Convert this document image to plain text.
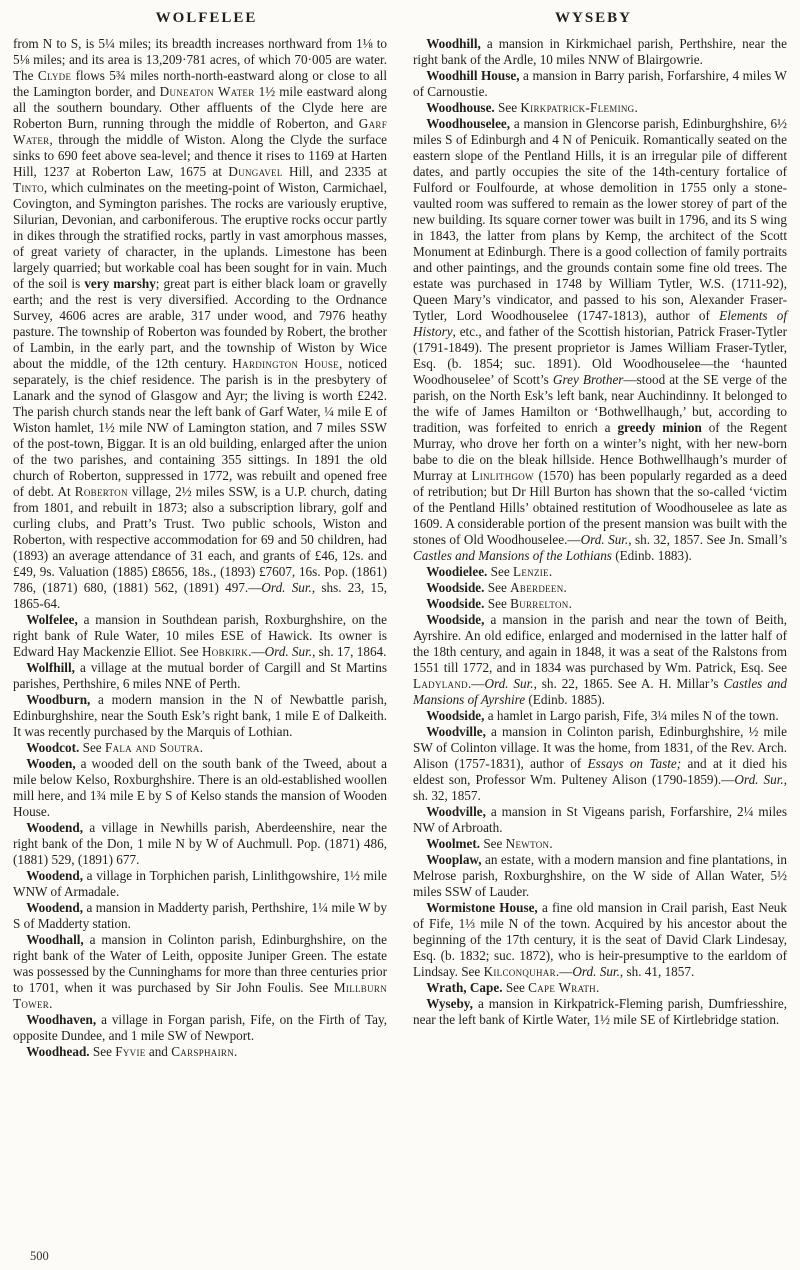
WOLFELEE	WYSEBY

from N to S, is 5¼ miles; its breadth increases northward from 1⅛ to 5⅛ miles; and its area is 13,209·781 acres, of which 70·005 are water. The Clyde flows 5¾ miles north-north-eastward along or close to all the Lamington border, and Duneaton Water 1½ mile eastward along all the southern boundary. Other affluents of the Clyde here are Roberton Burn, running through the middle of Roberton, and Garf Water, through the middle of Wiston. Along the Clyde the surface sinks to 690 feet above sea-level; and thence it rises to 1169 at Harten Hill, 1237 at Roberton Law, 1675 at Dungavel Hill, and 2335 at Tinto, which culminates on the meeting-point of Wiston, Carmichael, Covington, and Symington parishes. The rocks are variously eruptive, Silurian, Devonian, and carboniferous. The eruptive rocks occur partly in dikes through the stratified rocks, partly in vast amorphous masses, of great variety of character, in the uplands. Limestone has been largely quarried; but workable coal has been sought for in vain. Much of the soil is very marshy; great part is either black loam or gravelly earth; and the rest is very diversified. According to the Ordnance Survey, 4606 acres are arable, 317 under wood, and 7976 heathy pasture. The township of Roberton was founded by Robert, the brother of Lambin, in the early part, and the township of Wiston by Wice about the middle, of the 12th century. Hardington House, noticed separately, is the chief residence. The parish is in the presbytery of Lanark and the synod of Glasgow and Ayr; the living is worth £242. The parish church stands near the left bank of Garf Water, ¼ mile E of Wiston hamlet, 1½ mile NW of Lamington station, and 7 miles SSW of the post-town, Biggar. It is an old building, enlarged after the union of the two parishes, and containing 355 sittings. In 1891 the old church of Roberton, suppressed in 1772, was rebuilt and opened free of debt. At Roberton village, 2½ miles SSW, is a U.P. church, dating from 1801, and rebuilt in 1873; also a subscription library, golf and curling clubs, and Pratt’s Trust. Two public schools, Wiston and Roberton, with respective accommodation for 69 and 50 children, had (1893) an average attendance of 31 each, and grants of £46, 12s. and £49, 9s. Valuation (1885) £8656, 18s., (1893) £7607, 16s. Pop. (1861) 786, (1871) 680, (1881) 562, (1891) 497.—Ord. Sur., shs. 23, 15, 1865-64.

Wolfelee, a mansion in Southdean parish, Roxburghshire, on the right bank of Rule Water, 10 miles ESE of Hawick. Its owner is Edward Hay Mackenzie Elliot. See Hobkirk.—Ord. Sur., sh. 17, 1864.

Wolfhill, a village at the mutual border of Cargill and St Martins parishes, Perthshire, 6 miles NNE of Perth.

Woodburn, a modern mansion in the N of Newbattle parish, Edinburghshire, near the South Esk’s right bank, 1 mile E of Dalkeith. It was recently purchased by the Marquis of Lothian.

Woodcot. See Fala and Soutra.

Wooden, a wooded dell on the south bank of the Tweed, about a mile below Kelso, Roxburghshire. There is an old-established woollen mill here, and 1¾ mile E by S of Kelso stands the mansion of Wooden House.

Woodend, a village in Newhills parish, Aberdeenshire, near the right bank of the Don, 1 mile N by W of Auchmull. Pop. (1871) 486, (1881) 529, (1891) 677.

Woodend, a village in Torphichen parish, Linlithgowshire, 1½ mile WNW of Armadale.

Woodend, a mansion in Madderty parish, Perthshire, 1¼ mile W by S of Madderty station.

Woodhall, a mansion in Colinton parish, Edinburghshire, on the right bank of the Water of Leith, opposite Juniper Green. The estate was possessed by the Cunninghams for more than three centuries prior to 1701, when it was purchased by Sir John Foulis. See Millburn Tower.

Woodhaven, a village in Forgan parish, Fife, on the Firth of Tay, opposite Dundee, and 1 mile SW of Newport.

Woodhead. See Fyvie and Carsphairn.

Woodhill, a mansion in Kirkmichael parish, Perthshire, near the right bank of the Ardle, 10 miles NNW of Blairgowrie.

Woodhill House, a mansion in Barry parish, Forfarshire, 4 miles W of Carnoustie.

Woodhouse. See Kirkpatrick-Fleming.

Woodhouselee, a mansion in Glencorse parish, Edinburghshire, 6½ miles S of Edinburgh and 4 N of Penicuik. Romantically seated on the eastern slope of the Pentland Hills, it is an irregular pile of different dates, and partly occupies the site of the 14th-century fortalice of Fulford or Foulfourde, at whose demolition in 1755 only a stone-vaulted room was suffered to remain as the lower storey of part of the new building. Its square corner tower was built in 1796, and its S wing in 1843, the latter from plans by Kemp, the architect of the Scott Monument at Edinburgh. There is a good collection of family portraits and other paintings, and the grounds contain some fine old trees. The estate was purchased in 1748 by William Tytler, W.S. (1711-92), Queen Mary’s vindicator, and passed to his son, Alexander Fraser-Tytler, Lord Woodhouselee (1747-1813), author of Elements of History, etc., and father of the Scottish historian, Patrick Fraser-Tytler (1791-1849). The present proprietor is James William Fraser-Tytler, Esq. (b. 1854; suc. 1891). Old Woodhouselee—the ‘haunted Woodhouselee’ of Scott’s Grey Brother—stood at the SE verge of the parish, on the North Esk’s left bank, near Auchindinny. It belonged to the wife of James Hamilton or ‘Bothwellhaugh,’ but, according to tradition, was forfeited to enrich a greedy minion of the Regent Murray, who drove her forth on a winter’s night, with her new-born babe to die on the bleak hillside. Hence Bothwellhaugh’s murder of Murray at Linlithgow (1570) has been popularly regarded as a deed of retribution; but Dr Hill Burton has shown that the so-called ‘victim of the Pentland Hills’ obtained restitution of Woodhouselee as late as 1609. A considerable portion of the present mansion was built with the stones of Old Woodhouselee.—Ord. Sur., sh. 32, 1857. See Jn. Small’s Castles and Mansions of the Lothians (Edinb. 1883).

Woodielee. See Lenzie.

Woodside. See Aberdeen.

Woodside. See Burrelton.

Woodside, a mansion in the parish and near the town of Beith, Ayrshire. An old edifice, enlarged and modernised in the latter half of the 18th century, and again in 1848, it was a seat of the Ralstons from 1551 till 1772, and in 1834 was purchased by Wm. Patrick, Esq. See Ladyland.—Ord. Sur., sh. 22, 1865. See A. H. Millar’s Castles and Mansions of Ayrshire (Edinb. 1885).

Woodside, a hamlet in Largo parish, Fife, 3¼ miles N of the town.

Woodville, a mansion in Colinton parish, Edinburghshire, ½ mile SW of Colinton village. It was the home, from 1831, of the Rev. Arch. Alison (1757-1831), author of Essays on Taste; and at it died his eldest son, Professor Wm. Pulteney Alison (1790-1859).—Ord. Sur., sh. 32, 1857.

Woodville, a mansion in St Vigeans parish, Forfarshire, 2¼ miles NW of Arbroath.

Woolmet. See Newton.

Wooplaw, an estate, with a modern mansion and fine plantations, in Melrose parish, Roxburghshire, on the W side of Allan Water, 5½ miles SSW of Lauder.

Wormistone House, a fine old mansion in Crail parish, East Neuk of Fife, 1⅓ mile N of the town. Acquired by his ancestor about the beginning of the 17th century, it is the seat of David Clark Lindesay, Esq. (b. 1832; suc. 1872), who is heir-presumptive to the earldom of Lindsay. See Kilconquhar.—Ord. Sur., sh. 41, 1857.

Wrath, Cape. See Cape Wrath.

Wyseby, a mansion in Kirkpatrick-Fleming parish, Dumfriesshire, near the left bank of Kirtle Water, 1½ mile SE of Kirtlebridge station.

500
